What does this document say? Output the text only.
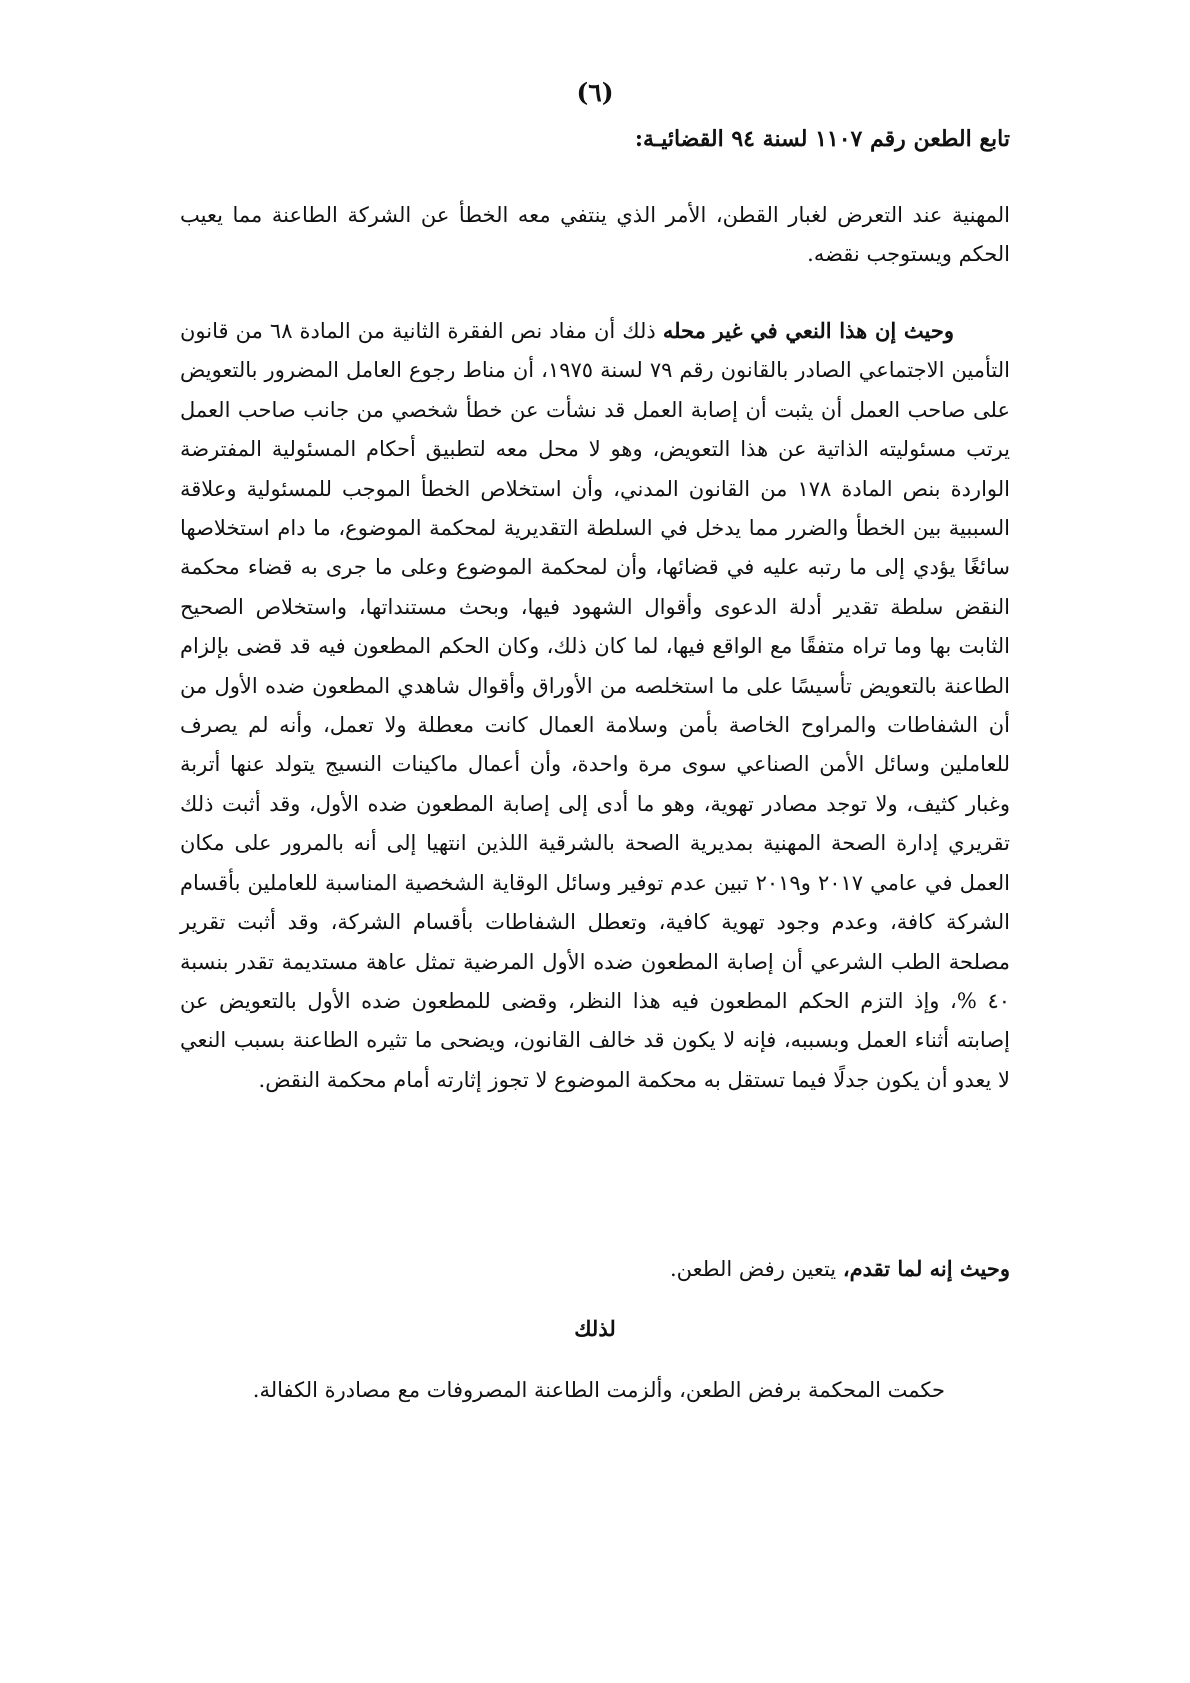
(٦)
تابع الطعن رقم ١١٠٧ لسنة ٩٤ القضائيـة:

المهنية عند التعرض لغبار القطن، الأمر الذي ينتفي معه الخطأ عن الشركة الطاعنة مما يعيب الحكم ويستوجب نقضه.

وحيث إن هذا النعي في غير محله ذلك أن مفاد نص الفقرة الثانية من المادة ٦٨ من قانون التأمين الاجتماعي الصادر بالقانون رقم ٧٩ لسنة ١٩٧٥، أن مناط رجوع العامل المضرور بالتعويض على صاحب العمل أن يثبت أن إصابة العمل قد نشأت عن خطأ شخصي من جانب صاحب العمل يرتب مسئوليته الذاتية عن هذا التعويض، وهو لا محل معه لتطبيق أحكام المسئولية المفترضة الواردة بنص المادة ١٧٨ من القانون المدني، وأن استخلاص الخطأ الموجب للمسئولية وعلاقة السببية بين الخطأ والضرر مما يدخل في السلطة التقديرية لمحكمة الموضوع، ما دام استخلاصها سائغًا يؤدي إلى ما رتبه عليه في قضائها، وأن لمحكمة الموضوع وعلى ما جرى به قضاء محكمة النقض سلطة تقدير أدلة الدعوى وأقوال الشهود فيها، وبحث مستنداتها، واستخلاص الصحيح الثابت بها وما تراه متفقًا مع الواقع فيها، لما كان ذلك، وكان الحكم المطعون فيه قد قضى بإلزام الطاعنة بالتعويض تأسيسًا على ما استخلصه من الأوراق وأقوال شاهدي المطعون ضده الأول من أن الشفاطات والمراوح الخاصة بأمن وسلامة العمال كانت معطلة ولا تعمل، وأنه لم يصرف للعاملين وسائل الأمن الصناعي سوى مرة واحدة، وأن أعمال ماكينات النسيج يتولد عنها أتربة وغبار كثيف، ولا توجد مصادر تهوية، وهو ما أدى إلى إصابة المطعون ضده الأول، وقد أثبت ذلك تقريري إدارة الصحة المهنية بمديرية الصحة بالشرقية اللذين انتهيا إلى أنه بالمرور على مكان العمل في عامي ٢٠١٧ و٢٠١٩ تبين عدم توفير وسائل الوقاية الشخصية المناسبة للعاملين بأقسام الشركة كافة، وعدم وجود تهوية كافية، وتعطل الشفاطات بأقسام الشركة، وقد أثبت تقرير مصلحة الطب الشرعي أن إصابة المطعون ضده الأول المرضية تمثل عاهة مستديمة تقدر بنسبة ٤٠ %، وإذ التزم الحكم المطعون فيه هذا النظر، وقضى للمطعون ضده الأول بالتعويض عن إصابته أثناء العمل وبسببه، فإنه لا يكون قد خالف القانون، ويضحى ما تثيره الطاعنة بسبب النعي لا يعدو أن يكون جدلًا فيما تستقل به محكمة الموضوع لا تجوز إثارته أمام محكمة النقض.

وحيث إنه لما تقدم، يتعين رفض الطعن.

لذلك

حكمت المحكمة برفض الطعن، وألزمت الطاعنة المصروفات مع مصادرة الكفالة.
